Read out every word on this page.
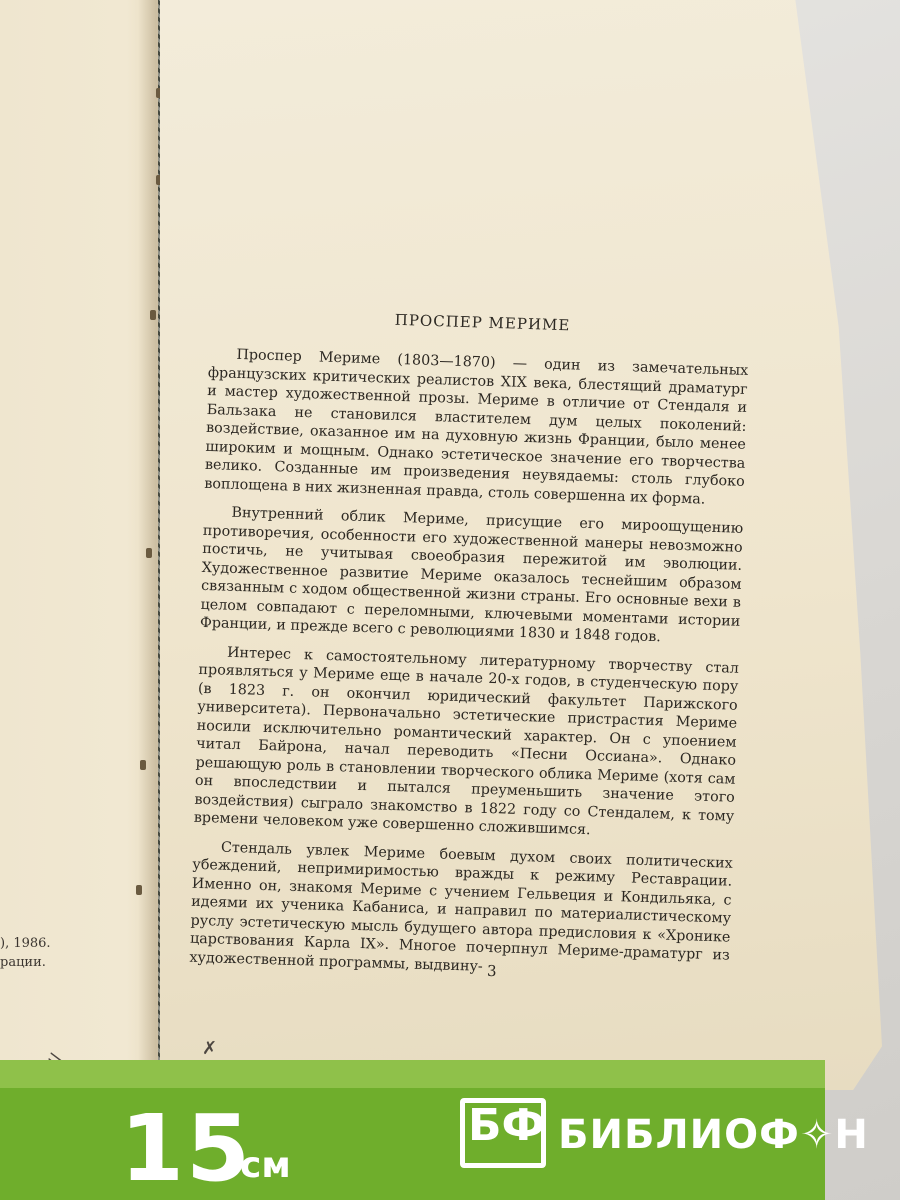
), 1986.
рации.
ПРОСПЕР МЕРИМЕ

Проспер Мериме (1803—1870) — один из замечательных французских критических реалистов XIX века, блестящий драматург и мастер художественной прозы. Мериме в отличие от Стендаля и Бальзака не становился властителем дум целых поколений: воздействие, оказанное им на духовную жизнь Франции, было менее широким и мощным. Однако эстетическое значение его творчества велико. Созданные им произведения неувядаемы: столь глубоко воплощена в них жизненная правда, столь совершенна их форма.

Внутренний облик Мериме, присущие его мироощущению противоречия, особенности его художественной манеры невозможно постичь, не учитывая своеобразия пережитой им эволюции. Художественное развитие Мериме оказалось теснейшим образом связанным с ходом общественной жизни страны. Его основные вехи в целом совпадают с переломными, ключевыми моментами истории Франции, и прежде всего с революциями 1830 и 1848 годов.

Интерес к самостоятельному литературному творчеству стал проявляться у Мериме еще в начале 20-х годов, в студенческую пору (в 1823 г. он окончил юридический факультет Парижского университета). Первоначально эстетические пристрастия Мериме носили исключительно романтический характер. Он с упоением читал Байрона, начал переводить «Песни Оссиана». Однако решающую роль в становлении творческого облика Мериме (хотя сам он впоследствии и пытался преуменьшить значение этого воздействия) сыграло знакомство в 1822 году со Стендалем, к тому времени человеком уже совершенно сложившимся.

Стендаль увлек Мериме боевым духом своих политических убеждений, непримиримостью вражды к режиму Реставрации. Именно он, знакомя Мериме с учением Гельвеция и Кондильяка, с идеями их ученика Кабаниса, и направил по материалистическому руслу эстетическую мысль будущего автора предисловия к «Хронике царствования Карла IX». Многое почерпнул Мериме-драматург из художественной программы, выдвину- 3
✗
15
см
БФ БИБЛИОФ✧Н
